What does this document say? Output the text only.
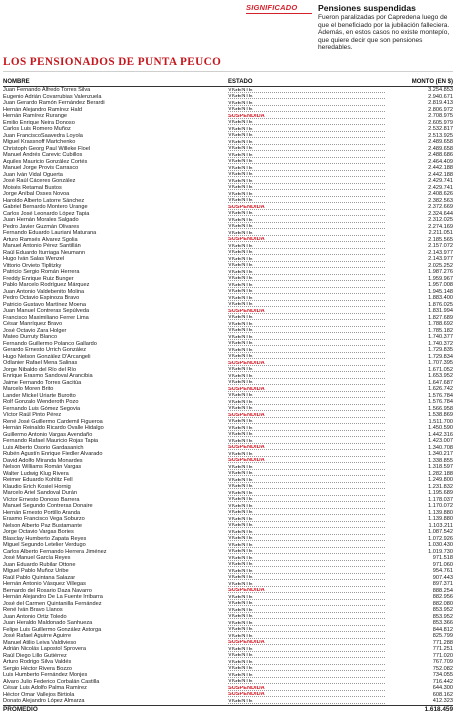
SIGNIFICADO Pensiones suspendidas
Fueron paralizadas por Capredena luego de que el beneficiado por la jubilación falleciera. Además, en estos casos no existe montepío, que quiere decir que son pensiones heredables.
LOS PENSIONADOS DE PUNTA PEUCO
NOMBRE	ESTADO	MONTO (EN $)
Juan Fernando Alfredo Torres Silva	VIGENTE	3.254.853
Eugenio Adrián Covarrubias Valenzuela	VIGENTE	2.940.671
Juan Gerardo Ramón Fernández Berardi	VIGENTE	2.819.413
Hernán Alejandro Ramírez Hald	VIGENTE	2.806.972
Hernán Ramírez Rurange	SUSPENDIDA	2.708.975
Emilio Enrique Neira Donoso	VIGENTE	2.605.979
Carlos Luis Romero Muñoz	VIGENTE	2.532.817
Juan FranciscoSaavedra Loyola	VIGENTE	2.513.925
Miguel Krassnoff Martchenko	VIGENTE	2.489.658
Christoph Georg Paul Willeke Floel	VIGENTE	2.489.658
Manuel Andrés Carevic Cubillos	VIGENTE	2.488.686
Aquiles Mauricio González Cortés	VIGENTE	2.464.409
Manuel Jorge Provis Carrasco	VIGENTE	2.442.188
Juan Iván Vidal Oguerta	VIGENTE	2.442.188
José Raúl Cáceres González	VIGENTE	2.429.741
Moisés Retamal Bustos	VIGENTE	2.429.741
Jorge Aníbal Osses Novoa	VIGENTE	2.408.626
Haroldo Alberto Latorre Sánchez	VIGENTE	2.382.563
Gabriel Bernardo Montero Urange	SUSPENDIDA	2.372.669
Carlos José Leonardo López Tapia	VIGENTE	2.324.644
Juan Hernán Morales Salgado	VIGENTE	2.312.025
Pedro Javier Guzmán Olivares	VIGENTE	2.274.169
Fernando Eduardo Lauriani Maturana	VIGENTE	2.211.051
Arturo Ramsés Álvarez Sgolia	SUSPENDIDA	2.185.565
Manuel Antonio Pérez Santillán	VIGENTE	2.157.072
Raúl Eduardo Iturriaga Neumann	VIGENTE	2.143.977
Hugo Iván Salas Wenzel	VIGENTE	2.143.977
Vittorio Orvieto Tiplitzky	VIGENTE	2.025.252
Patricio Sergio Román Herrera	VIGENTE	1.987.276
Freddy Enrique Ruiz Bunger	VIGENTE	1.959.967
Pablo Marcelo Rodríguez Márquez	VIGENTE	1.957.008
Juan Antonio Valdebenito Molina	VIGENTE	1.945.148
Pedro Octavio Espinoza Bravo	VIGENTE	1.883.400
Patricio Gustavo Martínez Moena	VIGENTE	1.876.025
Juan Manuel Contreras Sepúlveda	SUSPENDIDA	1.831.994
Francisco Maximiliano Ferrer Lima	VIGENTE	1.827.689
César Manríquez Bravo	VIGENTE	1.788.692
José Octavio Zara Holger	VIGENTE	1.785.182
Mateo Durruty Blanco	VIGENTE	1.740.377
Fernando Guillermo Polanco Gallardo	VIGENTE	1.740.372
Gerardo Ernesto Urrich González	VIGENTE	1.729.835
Hugo Nelson González D'Arcangeli	VIGENTE	1.729.834
Odlanier Rafael Mena Salinas	SUSPENDIDA	1.707.395
Jorge Nibaldo del Río del Río	VIGENTE	1.671.052
Enrique Erasmo Sandoval Arancibia	VIGENTE	1.653.952
Jaime Fernando Torres Gacitúa	VIGENTE	1.647.687
Marcelo Moren Brito	SUSPENDIDA	1.626.742
Lander Mickel Uriarte Burotto	VIGENTE	1.576.784
Rolf Gonzalo Wenderoth Pozo	VIGENTE	1.576.784
Fernando Luis Gómez Segovia	VIGENTE	1.566.958
Víctor Raúl Pinto Pérez	SUSPENDIDA	1.538.869
René José Guillermo Cardemil Figueroa	VIGENTE	1.511.700
Hernán Reinaldo Ricardo Ovalle Hidalgo	VIGENTE	1.450.590
Guillermo Antonio Vargas Avendaño	VIGENTE	1.442.316
Fernando Rafael Mauricio Rojas Tapia	VIGENTE	1.423.007
Luis Alberto Osorio Gardasanich	SUSPENDIDA	1.340.708
Rubén Agustín Enrique Fiedler Alvarado	VIGENTE	1.340.217
David Adolfo Miranda Monardes	SUSPENDIDA	1.338.855
Nelson Williams Román Vargas	VIGENTE	1.318.597
Walter Ludwig Klug Rivera	VIGENTE	1.282.188
Reimer Eduardo Kohlitz Fell	VIGENTE	1.249.800
Klaudio Erich Kosiel Hornig	VIGENTE	1.231.832
Marcelo Ariel Sandoval Durán	VIGENTE	1.195.689
Víctor Ernesto Donoso Barrera	VIGENTE	1.178.037
Manuel Segundo Contreras Donaire	VIGENTE	1.170.072
Hernán Ernesto Portillo Aranda	VIGENTE	1.139.880
Erasmo Francisco Vega Soburzo	VIGENTE	1.139.880
Nelson Alberto Paz Bustamante	VIGENTE	1.103.211
Jorge Octavio Vargas Bories	VIGENTE	1.087.542
Blasclay Humberto Zapata Reyes	VIGENTE	1.072.926
Miguel Segundo Letelier Verdugo	VIGENTE	1.030.430
Carlos Alberto Fernando Herrera Jiménez	VIGENTE	1.019.730
José Manuel García Reyes	VIGENTE	971.518
Juan Eduardo Rubilar Ottone	VIGENTE	971.060
Miguel Pablo Muñoz Uribe	VIGENTE	954.761
Raúl Pablo Quintana Salazar	VIGENTE	907.443
Hernán Antonio Vásquez Villegas	VIGENTE	897.371
Bernardo del Rosario Daza Navarro	SUSPENDIDA	888.254
Hernán Alejandro De La Fuente Irribarra	VIGENTE	882.956
José del Carmen Quintanilla Fernández	VIGENTE	882.080
René Iván Bravo Llanos	VIGENTE	853.952
Juan Antonio Ortiz Toledo	VIGENTE	853.952
Juan Heraldo Maldonado Sanhueza	VIGENTE	853.366
Felipe Luis Guillermo González Astorga	VIGENTE	844.812
José Rafael Aguirre Aguirre	VIGENTE	825.799
Manuel Atilio Leiva Valdivieso	SUSPENDIDA	771.288
Adrián Nicolás Lapostol Sprovera	VIGENTE	771.251
Raúl Diego Lillo Gutiérrez	VIGENTE	771.020
Arturo Rodrigo Silva Valdés	VIGENTE	767.709
Sergio Héctor Rivera Bozzo	VIGENTE	752.082
Luis Humberto Fernández Monjes	VIGENTE	734.055
Alvaro Julio Federico Corbalán Castilla	VIGENTE	716.442
César Luis Adolfo Palma Ramírez	SUSPENDIDA	644.300
Héctor Omar Vallejos Birtiola	SUSPENDIDA	608.162
Donato Alejandro López Almarza	VIGENTE	412.323
PROMEDIO	1.618.459
